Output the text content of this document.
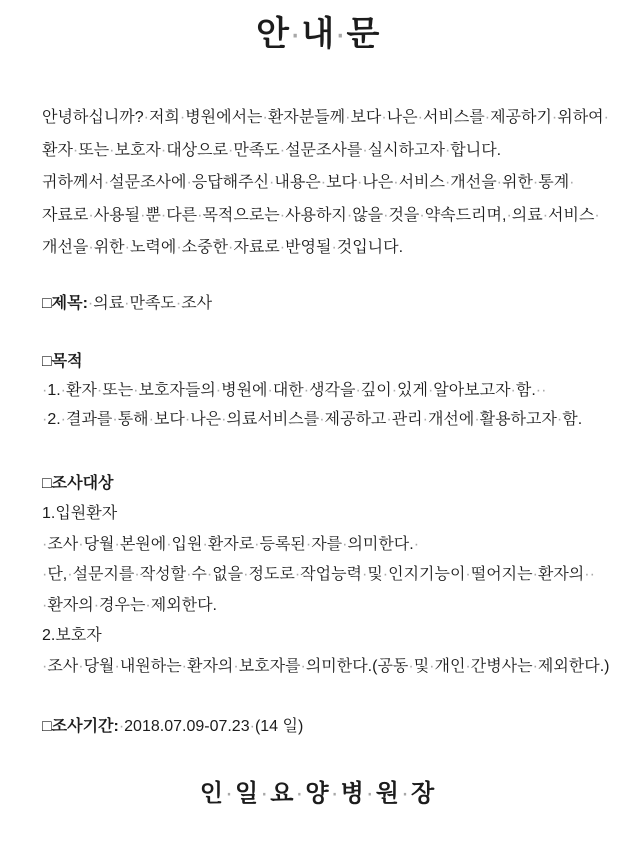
안·내·문

안녕하십니까?·저희·병원에서는·환자분들께·보다·나은·서비스를·제공하기·위하여·

환자·또는·보호자·대상으로·만족도·설문조사를·실시하고자·합니다.

귀하께서·설문조사에·응답해주신·내용은·보다·나은·서비스·개선을·위한·통계·

자료로·사용될·뿐·다른·목적으로는·사용하지·않을·것을·약속드리며,·의료·서비스·

개선을·위한·노력에·소중한·자료로·반영될·것입니다.

□제목:·의료·만족도·조사

□목적

·1.·환자·또는·보호자들의·병원에·대한·생각을·깊이·있게·알아보고자·함.··

·2.·결과를·통해·보다·나은·의료서비스를·제공하고·관리·개선에·활용하고자·함.

□조사대상

1.입원환자

·조사·당월·본원에·입원·환자로·등록된·자를·의미한다.·

·단,·설문지를·작성할·수·없을·정도로·작업능력·및·인지기능이·떨어지는·환자의··

·환자의·경우는·제외한다.

2.보호자

·조사·당월·내원하는·환자의·보호자를·의미한다.(공동·및·개인·간병사는·제외한다.)

□조사기간:·2018.07.09-07.23·(14 일)

인·일·요·양·병·원·장
